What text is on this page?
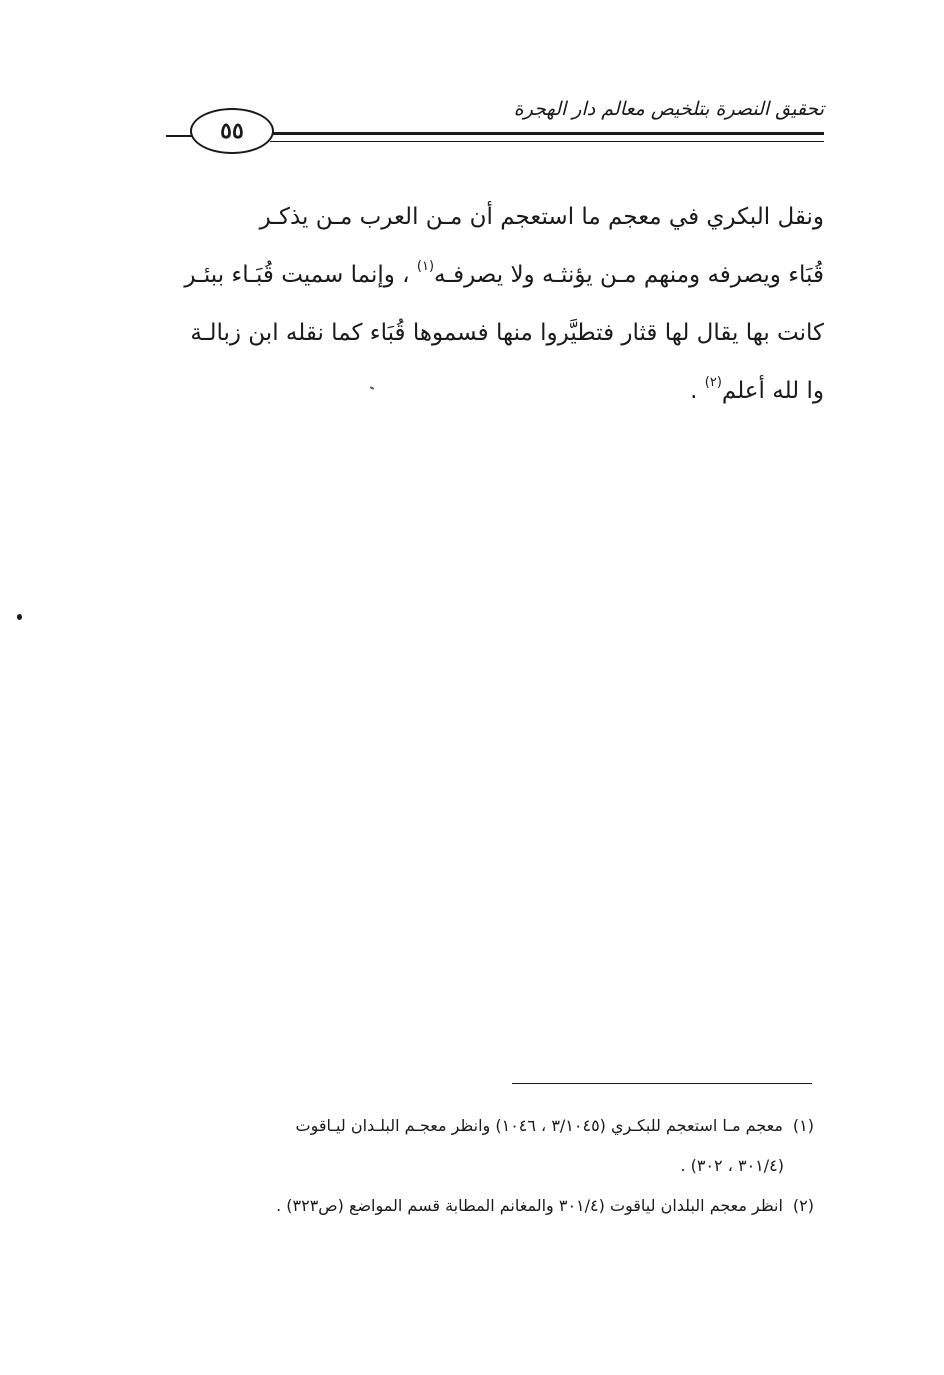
تحقيق النصرة بتلخيص معالم دار الهجرة
٥٥
ونقل البكري في معجم ما استعجم أن مـن العرب مـن يذكـر
قُبَاء ويصرفه ومنهم مـن يؤنثـه ولا يصرفـه$^{(١)}$ ، وإنما سميت قُبَـاء ببئـر
كانت بها يقال لها قثار فتطيَّروا منها فسموها قُبَاء كما نقله ابن زبالـة
وا لله أعلم$^{(٢)}$ .
(١)معجم مـا استعجم للبكـري (٣/١٠٤٥ ، ١٠٤٦) وانظر معجـم البلـدان ليـاقوت
(٣٠١/٤ ، ٣٠٢) .
(٢)انظر معجم البلدان لياقوت (٣٠١/٤ والمغانم المطابة قسم المواضع (ص٣٢٣) .
